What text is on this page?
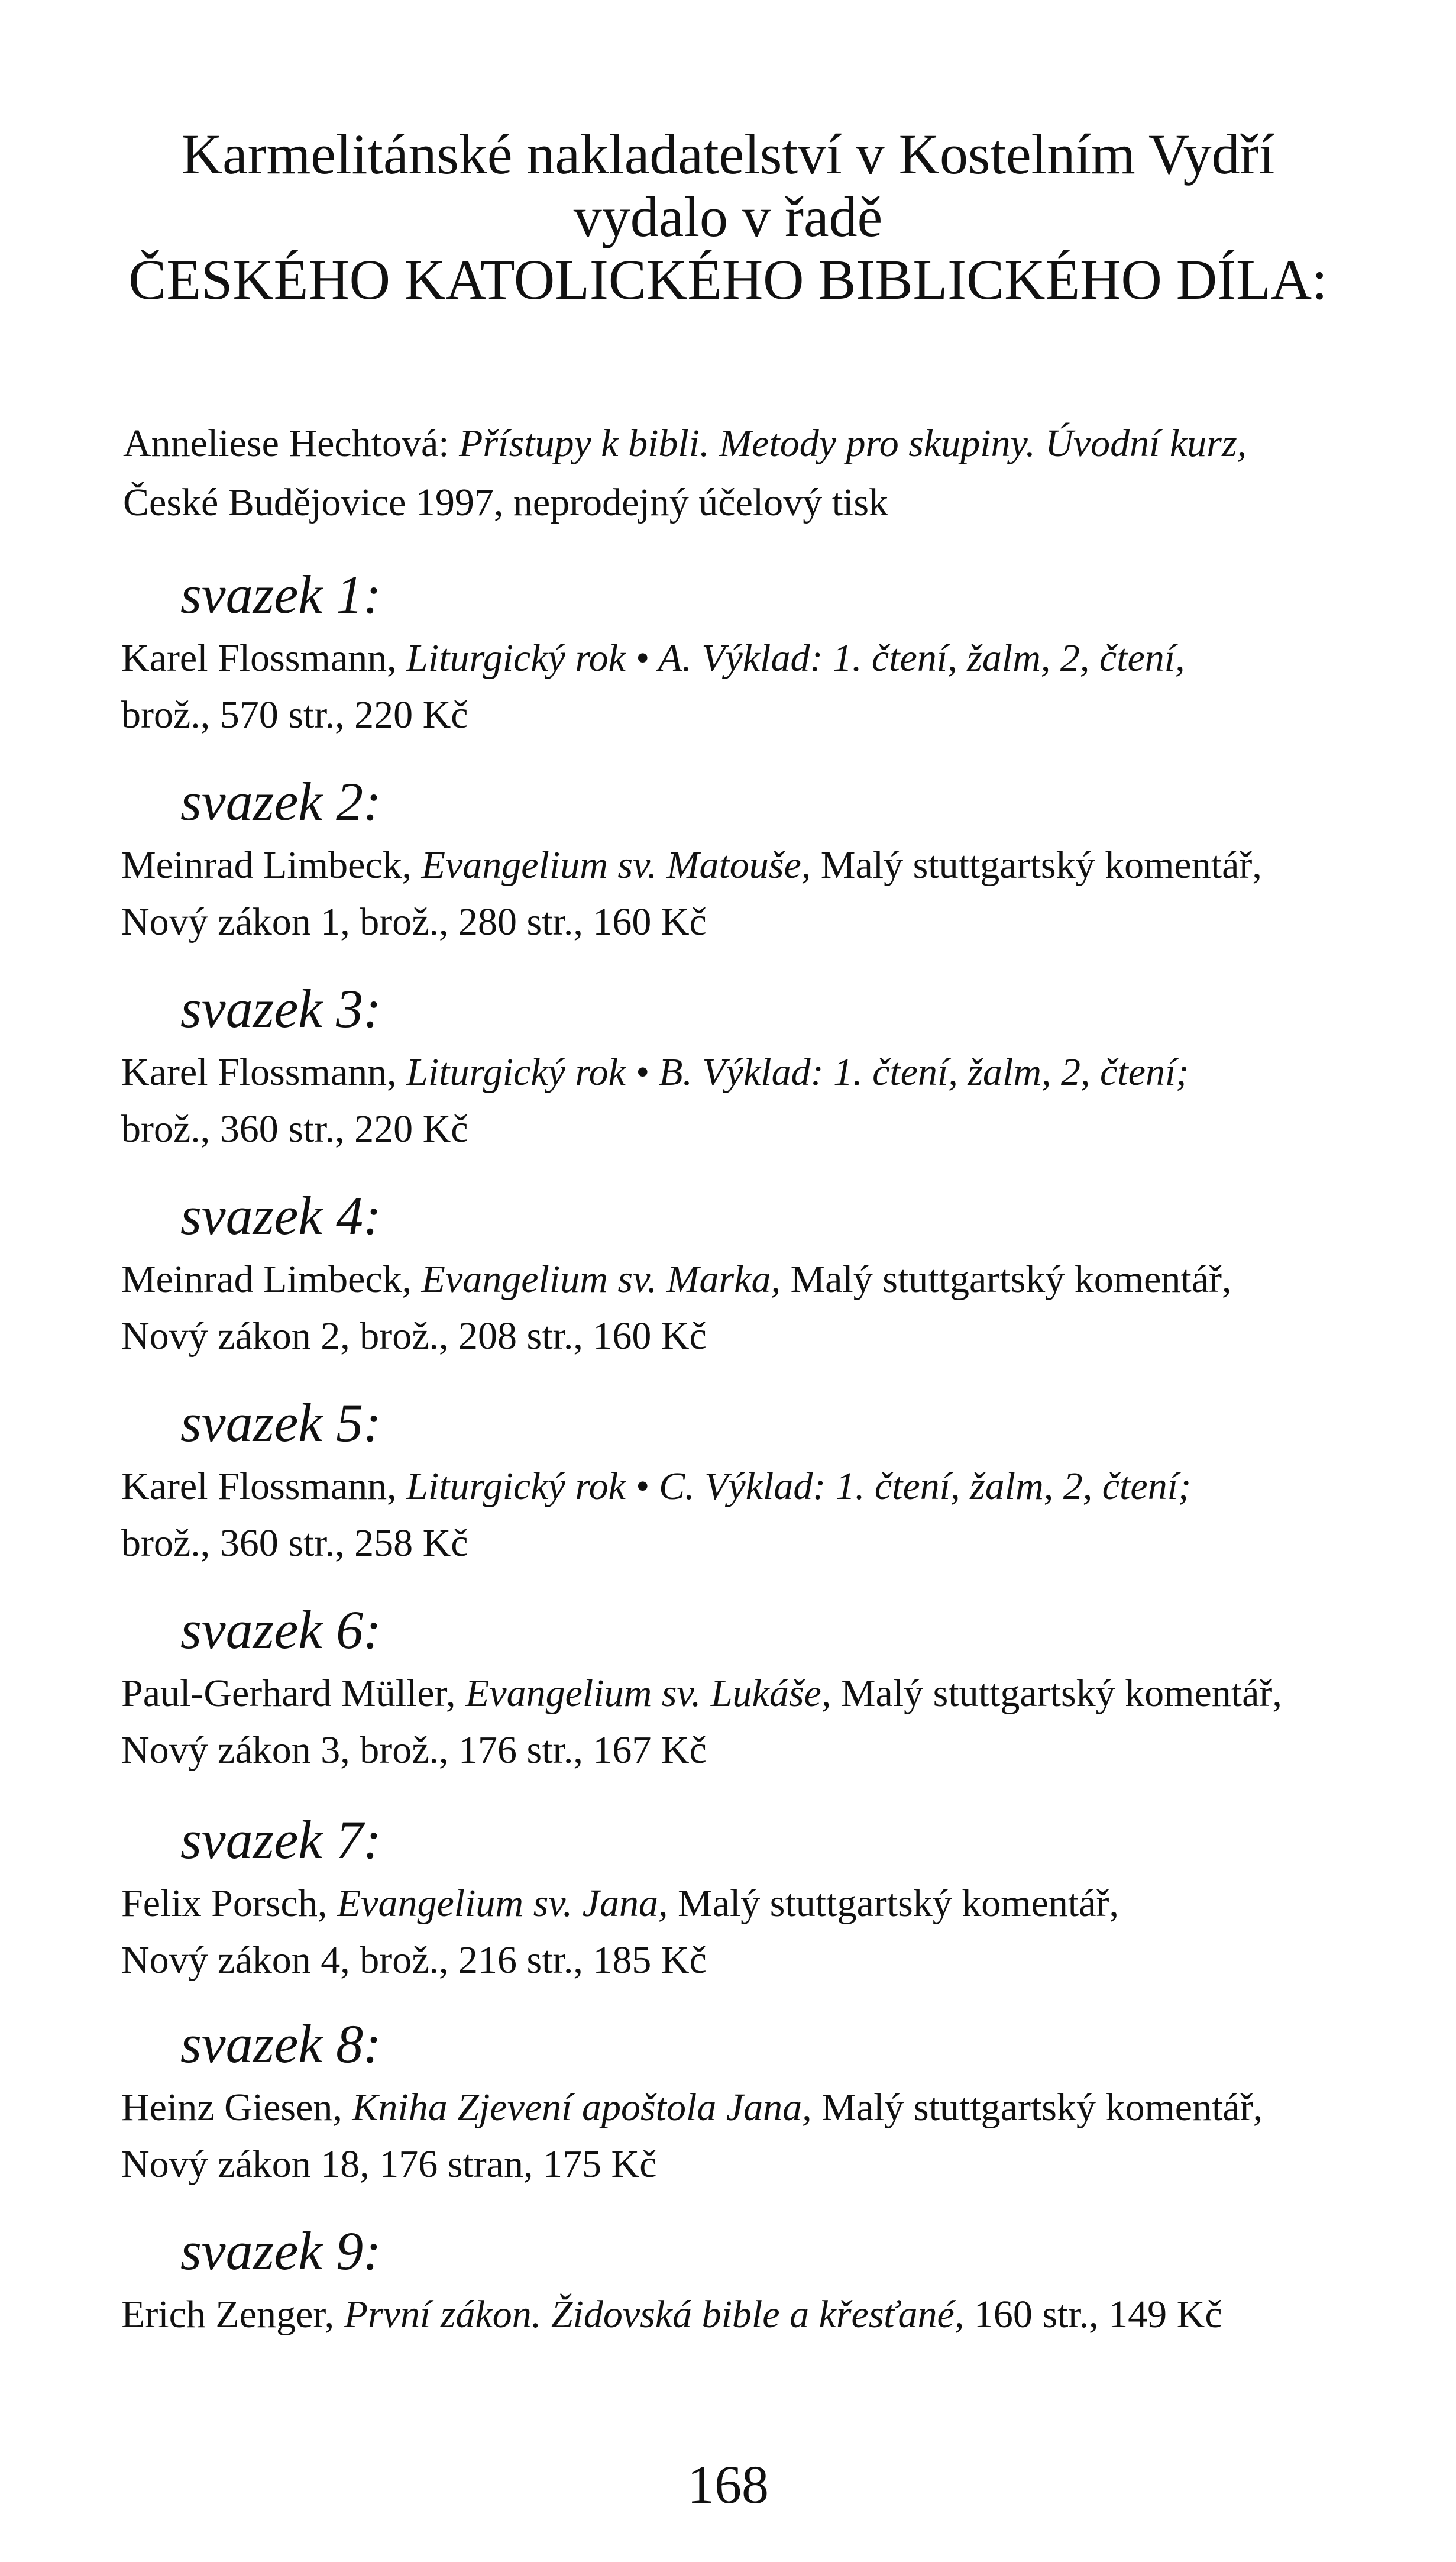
Karmelitánské nakladatelství v Kostelním Vydří
vydalo v řadě
ČESKÉHO KATOLICKÉHO BIBLICKÉHO DÍLA:
Anneliese Hechtová: Přístupy k bibli. Metody pro skupiny. Úvodní kurz,
České Budějovice 1997, neprodejný účelový tisk
svazek 1:
Karel Flossmann, Liturgický rok • A. Výklad: 1. čtení, žalm, 2, čtení,
brož., 570 str., 220 Kč
svazek 2:
Meinrad Limbeck, Evangelium sv. Matouše, Malý stuttgartský komentář,
Nový zákon 1, brož., 280 str., 160 Kč
svazek 3:
Karel Flossmann, Liturgický rok • B. Výklad: 1. čtení, žalm, 2, čtení;
brož., 360 str., 220 Kč
svazek 4:
Meinrad Limbeck, Evangelium sv. Marka, Malý stuttgartský komentář,
Nový zákon 2, brož., 208 str., 160 Kč
svazek 5:
Karel Flossmann, Liturgický rok • C. Výklad: 1. čtení, žalm, 2, čtení;
brož., 360 str., 258 Kč
svazek 6:
Paul-Gerhard Müller, Evangelium sv. Lukáše, Malý stuttgartský komentář,
Nový zákon 3, brož., 176 str., 167 Kč
svazek 7:
Felix Porsch, Evangelium sv. Jana, Malý stuttgartský komentář,
Nový zákon 4, brož., 216 str., 185 Kč
svazek 8:
Heinz Giesen, Kniha Zjevení apoštola Jana, Malý stuttgartský komentář,
Nový zákon 18, 176 stran, 175 Kč
svazek 9:
Erich Zenger, První zákon. Židovská bible a křesťané, 160 str., 149 Kč
168
